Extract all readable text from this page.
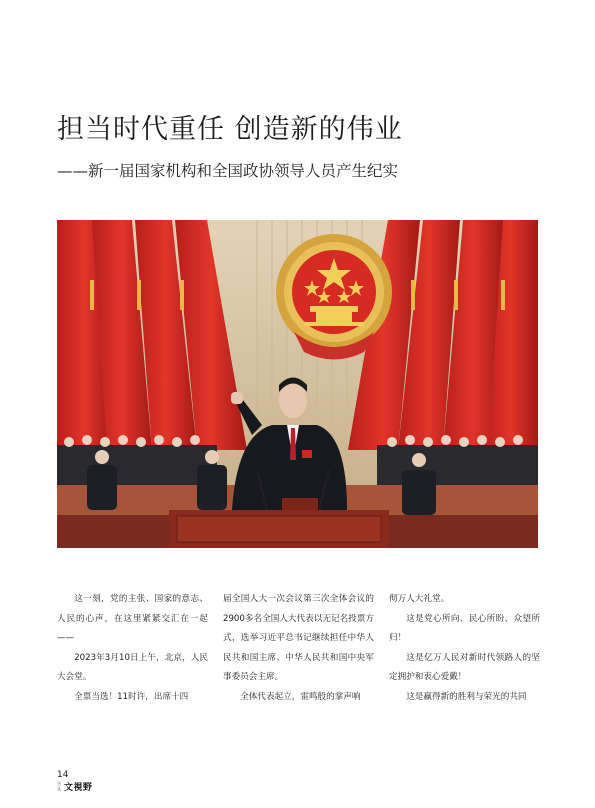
担当时代重任 创造新的伟业
——新一届国家机构和全国政协领导人员产生纪实

这一刻，党的主张、国家的意志、人民的心声，在这里紧紧交汇在一起——

2023年3月10日上午，北京，人民大会堂。

全票当选！11时许，出席十四

届全国人大一次会议第三次全体会议的2900多名全国人大代表以无记名投票方式，选举习近平总书记继续担任中华人民共和国主席、中华人民共和国中央军事委员会主席。

全体代表起立，雷鸣般的掌声响

彻万人大礼堂。

这是党心所向、民心所盼、众望所归！

这是亿万人民对新时代领路人的坚定拥护和衷心爱戴！

这是赢得新的胜利与荣光的共同

14
吉文 文視野
